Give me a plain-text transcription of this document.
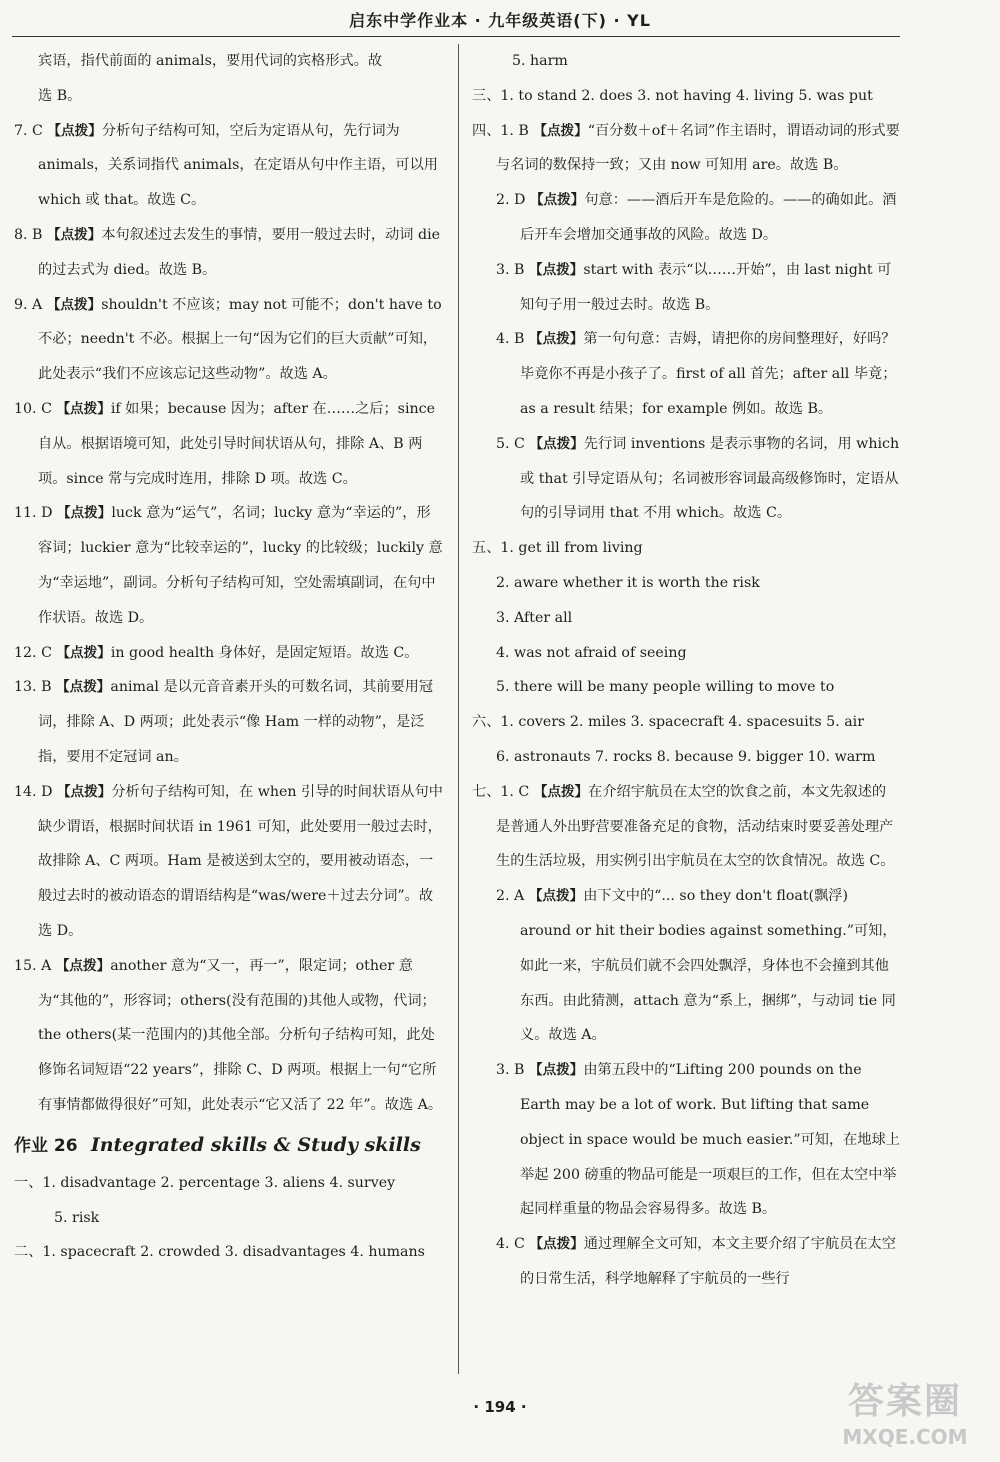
启东中学作业本 · 九年级英语(下) · YL

宾语，指代前面的 animals，要用代词的宾格形式。故

选 B。

7. C 【点拨】分析句子结构可知，空后为定语从句，先行词为 animals，关系词指代 animals，在定语从句中作主语，可以用 which 或 that。故选 C。

8. B 【点拨】本句叙述过去发生的事情，要用一般过去时，动词 die 的过去式为 died。故选 B。

9. A 【点拨】shouldn't 不应该；may not 可能不；don't have to 不必；needn't 不必。根据上一句“因为它们的巨大贡献”可知，此处表示“我们不应该忘记这些动物”。故选 A。

10. C 【点拨】if 如果；because 因为；after 在……之后；since 自从。根据语境可知，此处引导时间状语从句，排除 A、B 两项。since 常与完成时连用，排除 D 项。故选 C。

11. D 【点拨】luck 意为“运气”，名词；lucky 意为“幸运的”，形容词；luckier 意为“比较幸运的”，lucky 的比较级；luckily 意为“幸运地”，副词。分析句子结构可知，空处需填副词，在句中作状语。故选 D。

12. C 【点拨】in good health 身体好，是固定短语。故选 C。

13. B 【点拨】animal 是以元音音素开头的可数名词，其前要用冠词，排除 A、D 两项；此处表示“像 Ham 一样的动物”，是泛指，要用不定冠词 an。

14. D 【点拨】分析句子结构可知，在 when 引导的时间状语从句中缺少谓语，根据时间状语 in 1961 可知，此处要用一般过去时，故排除 A、C 两项。Ham 是被送到太空的，要用被动语态，一般过去时的被动语态的谓语结构是“was/were＋过去分词”。故选 D。

15. A 【点拨】another 意为“又一，再一”，限定词；other 意为“其他的”，形容词；others(没有范围的)其他人或物，代词；the others(某一范围内的)其他全部。分析句子结构可知，此处修饰名词短语“22 years”，排除 C、D 两项。根据上一句“它所有事情都做得很好”可知，此处表示“它又活了 22 年”。故选 A。

作业 26 Integrated skills & Study skills

一、1. disadvantage 2. percentage 3. aliens 4. survey

5. risk

二、1. spacecraft 2. crowded 3. disadvantages 4. humans

5. harm

三、1. to stand 2. does 3. not having 4. living 5. was put

四、1. B 【点拨】“百分数＋of＋名词”作主语时，谓语动词的形式要与名词的数保持一致；又由 now 可知用 are。故选 B。

2. D 【点拨】句意：——酒后开车是危险的。——的确如此。酒后开车会增加交通事故的风险。故选 D。

3. B 【点拨】start with 表示“以……开始”，由 last night 可知句子用一般过去时。故选 B。

4. B 【点拨】第一句句意：吉姆，请把你的房间整理好，好吗？毕竟你不再是小孩子了。first of all 首先；after all 毕竟；as a result 结果；for example 例如。故选 B。

5. C 【点拨】先行词 inventions 是表示事物的名词，用 which 或 that 引导定语从句；名词被形容词最高级修饰时，定语从句的引导词用 that 不用 which。故选 C。

五、1. get ill from living

2. aware whether it is worth the risk

3. After all

4. was not afraid of seeing

5. there will be many people willing to move to

六、1. covers 2. miles 3. spacecraft 4. spacesuits 5. air

6. astronauts 7. rocks 8. because 9. bigger 10. warm

七、1. C 【点拨】在介绍宇航员在太空的饮食之前，本文先叙述的是普通人外出野营要准备充足的食物，活动结束时要妥善处理产生的生活垃圾，用实例引出宇航员在太空的饮食情况。故选 C。

2. A 【点拨】由下文中的“... so they don't float(飘浮) around or hit their bodies against something.”可知，如此一来，宇航员们就不会四处飘浮，身体也不会撞到其他东西。由此猜测，attach 意为“系上，捆绑”，与动词 tie 同义。故选 A。

3. B 【点拨】由第五段中的“Lifting 200 pounds on the Earth may be a lot of work. But lifting that same object in space would be much easier.”可知，在地球上举起 200 磅重的物品可能是一项艰巨的工作，但在太空中举起同样重量的物品会容易得多。故选 B。

4. C 【点拨】通过理解全文可知，本文主要介绍了宇航员在太空的日常生活，科学地解释了宇航员的一些行

· 194 ·	答案圈
MXQE.COM
